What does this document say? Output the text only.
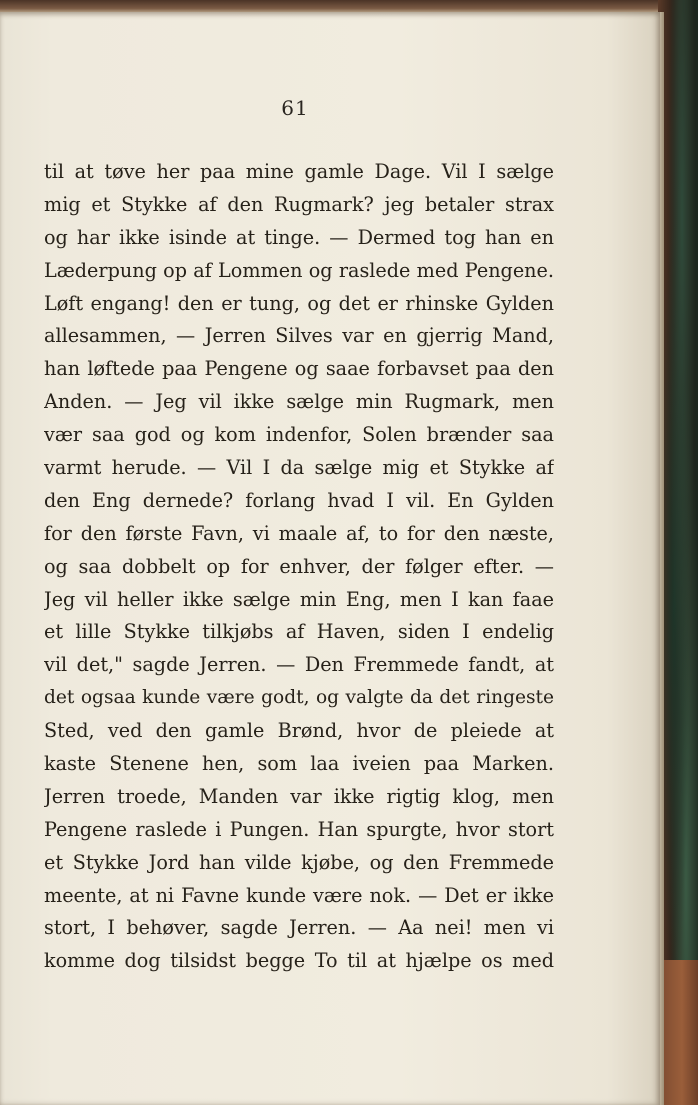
61
til at tøve her paa mine gamle Dage. Vil I sælge
mig et Stykke af den Rugmark? jeg betaler strax
og har ikke isinde at tinge. — Dermed tog han en
Læderpung op af Lommen og raslede med Pengene.
Løft engang! den er tung, og det er rhinske Gylden
allesammen, — Jerren Silves var en gjerrig Mand,
han løftede paa Pengene og saae forbavset paa den
Anden. — Jeg vil ikke sælge min Rugmark, men
vær saa god og kom indenfor, Solen brænder saa
varmt herude. — Vil I da sælge mig et Stykke af
den Eng dernede? forlang hvad I vil. En Gylden
for den første Favn, vi maale af, to for den næste,
og saa dobbelt op for enhver, der følger efter. —
Jeg vil heller ikke sælge min Eng, men I kan faae
et lille Stykke tilkjøbs af Haven, siden I endelig
vil det," sagde Jerren. — Den Fremmede fandt, at
det ogsaa kunde være godt, og valgte da det ringeste
Sted, ved den gamle Brønd, hvor de pleiede at
kaste Stenene hen, som laa iveien paa Marken.
Jerren troede, Manden var ikke rigtig klog, men
Pengene raslede i Pungen. Han spurgte, hvor stort
et Stykke Jord han vilde kjøbe, og den Fremmede
meente, at ni Favne kunde være nok. — Det er ikke
stort, I behøver, sagde Jerren. — Aa nei! men vi
komme dog tilsidst begge To til at hjælpe os med
